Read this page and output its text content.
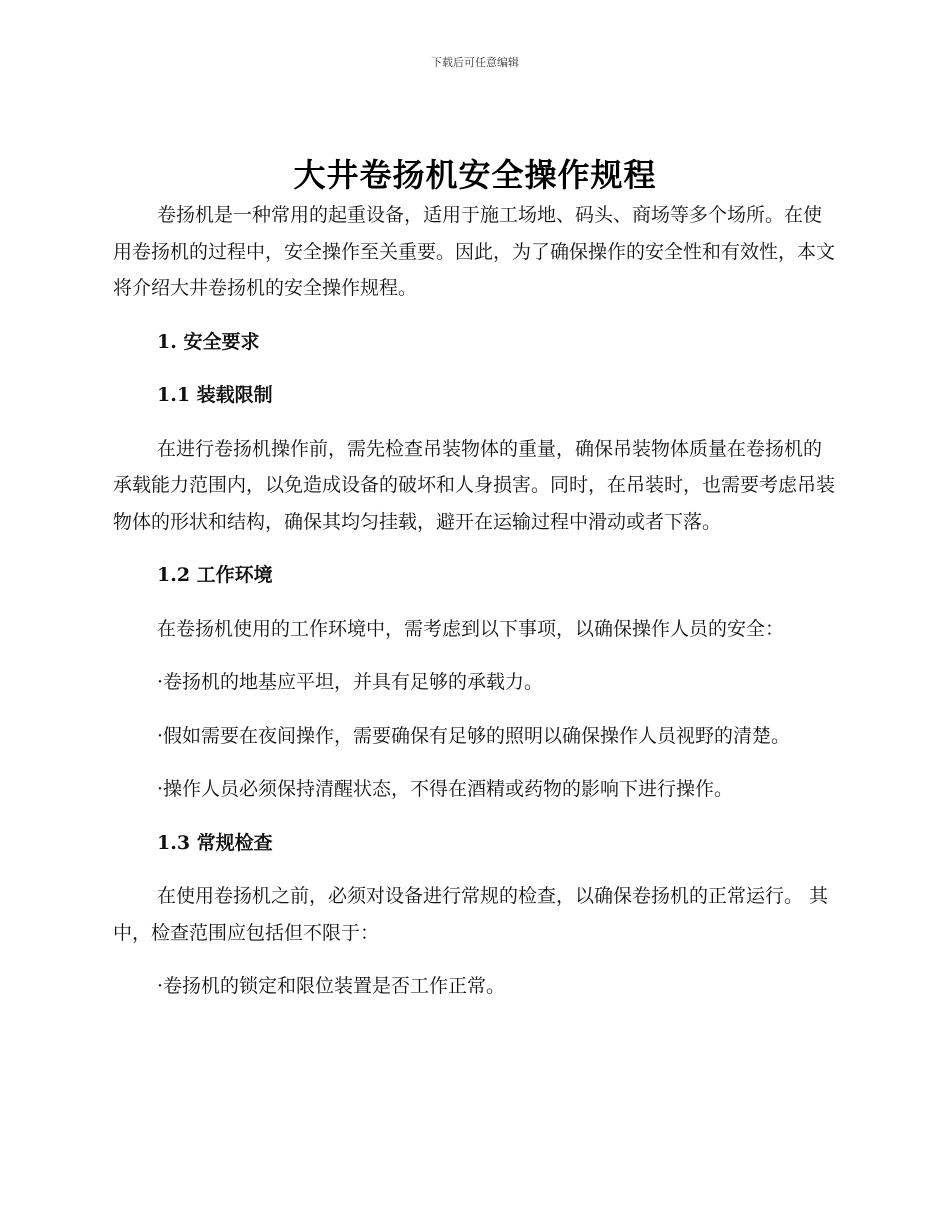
下载后可任意编辑
大井卷扬机安全操作规程

卷扬机是一种常用的起重设备，适用于施工场地、码头、商场等多个场所。在使用卷扬机的过程中，安全操作至关重要。因此，为了确保操作的安全性和有效性，本文将介绍大井卷扬机的安全操作规程。

1. 安全要求

1.1 装载限制

在进行卷扬机操作前，需先检查吊装物体的重量，确保吊装物体质量在卷扬机的承载能力范围内，以免造成设备的破坏和人身损害。同时，在吊装时，也需要考虑吊装物体的形状和结构，确保其均匀挂载，避开在运输过程中滑动或者下落。

1.2 工作环境

在卷扬机使用的工作环境中，需考虑到以下事项，以确保操作人员的安全：

·卷扬机的地基应平坦，并具有足够的承载力。

·假如需要在夜间操作，需要确保有足够的照明以确保操作人员视野的清楚。

·操作人员必须保持清醒状态，不得在酒精或药物的影响下进行操作。

1.3 常规检查

在使用卷扬机之前，必须对设备进行常规的检查，以确保卷扬机的正常运行。 其中，检查范围应包括但不限于：

·卷扬机的锁定和限位装置是否工作正常。
